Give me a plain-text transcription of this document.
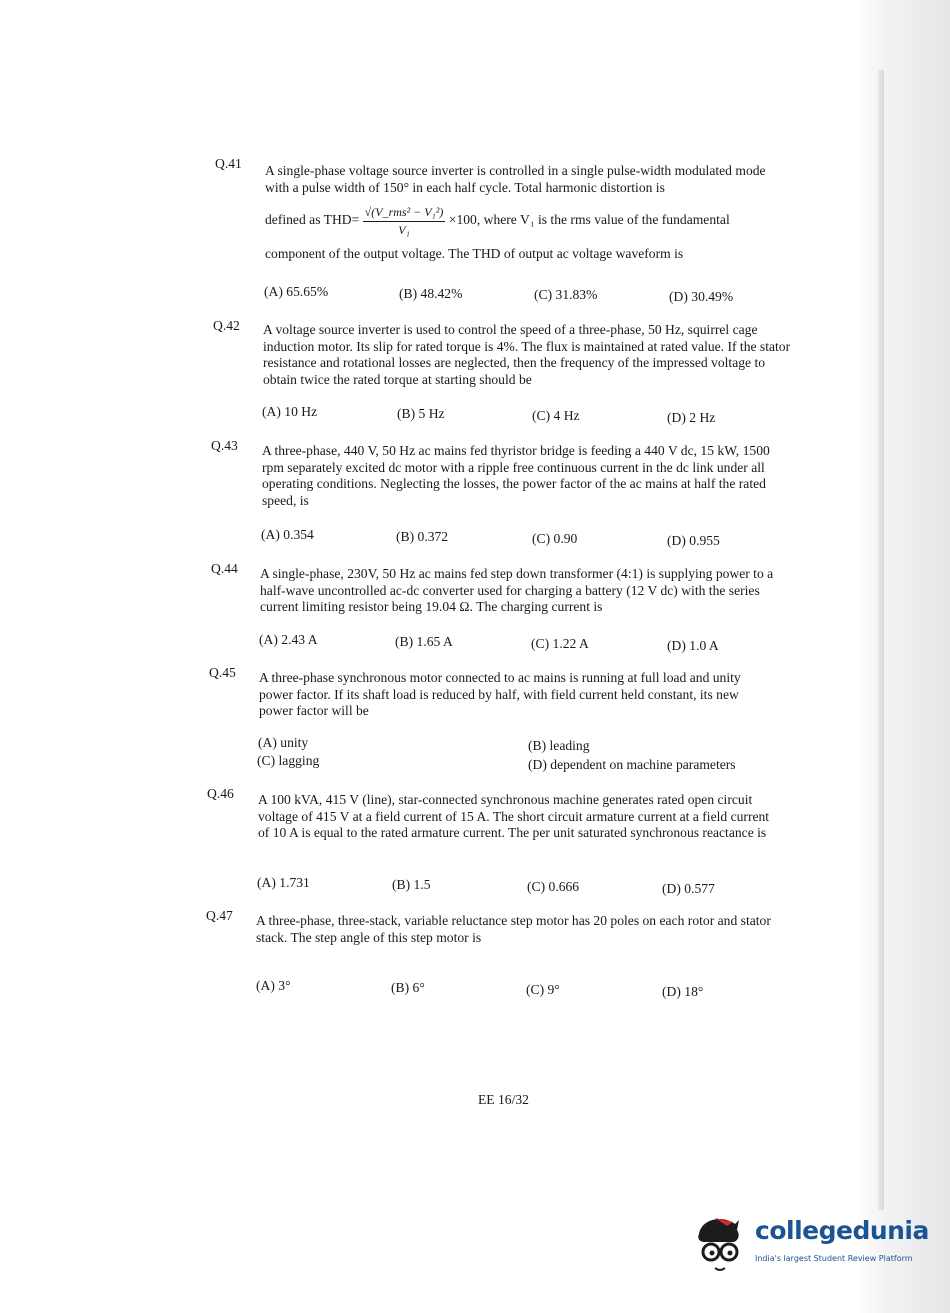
Q.41 A single-phase voltage source inverter is controlled in a single pulse-width modulated mode with a pulse width of 150° in each half cycle. Total harmonic distortion is
defined as $THD= \frac{\text{√(V\_rms² − V₁²)}}{\text{V₁}} \times 100$, where V₁ is the rms value of the fundamental
component of the output voltage. The THD of output ac voltage waveform is
(A) 65.65%	(B) 48.42%	(C) 31.83%	(D) 30.49%
Q.42 A voltage source inverter is used to control the speed of a three-phase, 50 Hz, squirrel cage induction motor. Its slip for rated torque is 4%. The flux is maintained at rated value. If the stator resistance and rotational losses are neglected, then the frequency of the impressed voltage to obtain twice the rated torque at starting should be
(A) 10 Hz	(B) 5 Hz	(C) 4 Hz	(D) 2 Hz
Q.43 A three-phase, 440 V, 50 Hz ac mains fed thyristor bridge is feeding a 440 V dc, 15 kW, 1500 rpm separately excited dc motor with a ripple free continuous current in the dc link under all operating conditions. Neglecting the losses, the power factor of the ac mains at half the rated speed, is
(A) 0.354	(B) 0.372	(C) 0.90	(D) 0.955
Q.44 A single-phase, 230V, 50 Hz ac mains fed step down transformer (4:1) is supplying power to a half-wave uncontrolled ac-dc converter used for charging a battery (12 V dc) with the series current limiting resistor being 19.04 Ω. The charging current is
(A) 2.43 A	(B) 1.65 A	(C) 1.22 A	(D) 1.0 A
Q.45 A three-phase synchronous motor connected to ac mains is running at full load and unity power factor. If its shaft load is reduced by half, with field current held constant, its new power factor will be
(A) unity	(B) leading
(C) lagging	(D) dependent on machine parameters
Q.46 A 100 kVA, 415 V (line), star-connected synchronous machine generates rated open circuit voltage of 415 V at a field current of 15 A. The short circuit armature current at a field current of 10 A is equal to the rated armature current. The per unit saturated synchronous reactance is
(A) 1.731	(B) 1.5	(C) 0.666	(D) 0.577
Q.47 A three-phase, three-stack, variable reluctance step motor has 20 poles on each rotor and stator stack. The step angle of this step motor is
(A) 3°	(B) 6°	(C) 9°	(D) 18°
EE 16/32
collegedunia
India's largest Student Review Platform
